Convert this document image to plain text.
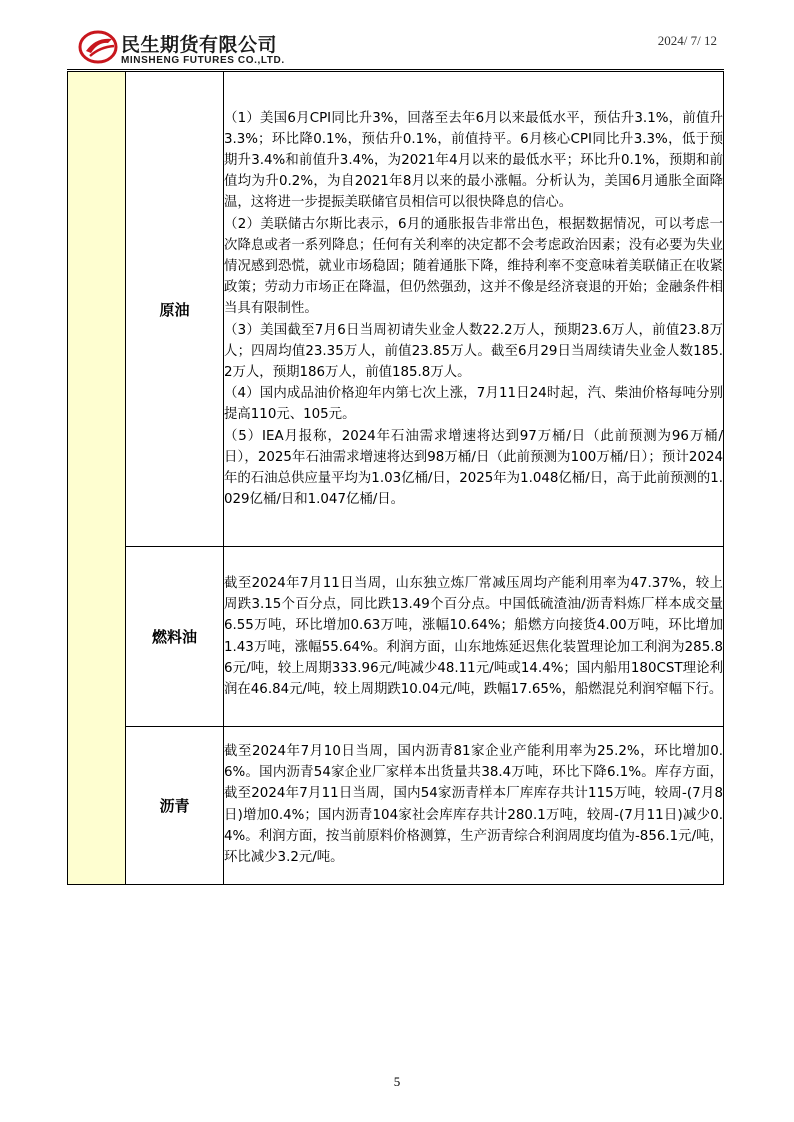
民生期货有限公司
MINSHENG FUTURES CO.,LTD.
2024/ 7/ 12
	原油	（1）美国6月CPI同比升3%，回落至去年6月以来最低水平，预估升3.1%，前值升3.3%；环比降0.1%，预估升0.1%，前值持平。6月核心CPI同比升3.3%，低于预期升3.4%和前值升3.4%，为2021年4月以来的最低水平；环比升0.1%，预期和前值均为升0.2%，为自2021年8月以来的最小涨幅。分析认为，美国6月通胀全面降温，这将进一步提振美联储官员相信可以很快降息的信心。

（2）美联储古尔斯比表示，6月的通胀报告非常出色，根据数据情况，可以考虑一次降息或者一系列降息；任何有关利率的决定都不会考虑政治因素；没有必要为失业情况感到恐慌，就业市场稳固；随着通胀下降，维持利率不变意味着美联储正在收紧政策；劳动力市场正在降温，但仍然强劲，这并不像是经济衰退的开始；金融条件相当具有限制性。

（3）美国截至7月6日当周初请失业金人数22.2万人，预期23.6万人，前值23.8万人；四周均值23.35万人，前值23.85万人。截至6月29日当周续请失业金人数185.2万人，预期186万人，前值185.8万人。

（4）国内成品油价格迎年内第七次上涨，7月11日24时起，汽、柴油价格每吨分别提高110元、105元。

（5）IEA月报称，2024年石油需求增速将达到97万桶/日（此前预测为96万桶/日），2025年石油需求增速将达到98万桶/日（此前预测为100万桶/日）；预计2024年的石油总供应量平均为1.03亿桶/日，2025年为1.048亿桶/日，高于此前预测的1.029亿桶/日和1.047亿桶/日。

	燃料油	截至2024年7月11日当周，山东独立炼厂常减压周均产能利用率为47.37%，较上周跌3.15个百分点，同比跌13.49个百分点。中国低硫渣油/沥青料炼厂样本成交量6.55万吨，环比增加0.63万吨，涨幅10.64%；船燃方向接货4.00万吨，环比增加1.43万吨，涨幅55.64%。利润方面，山东地炼延迟焦化装置理论加工利润为285.86元/吨，较上周期333.96元/吨减少48.11元/吨或14.4%；国内船用180CST理论利润在46.84元/吨，较上周期跌10.04元/吨，跌幅17.65%，船燃混兑利润窄幅下行。

	沥青	截至2024年7月10日当周，国内沥青81家企业产能利用率为25.2%，环比增加0.6%。国内沥青54家企业厂家样本出货量共38.4万吨，环比下降6.1%。库存方面，截至2024年7月11日当周，国内54家沥青样本厂库库存共计115万吨，较周-(7月8日)增加0.4%；国内沥青104家社会库库存共计280.1万吨，较周-(7月11日)减少0.4%。利润方面，按当前原料价格测算，生产沥青综合利润周度均值为-856.1元/吨，环比减少3.2元/吨。

5
